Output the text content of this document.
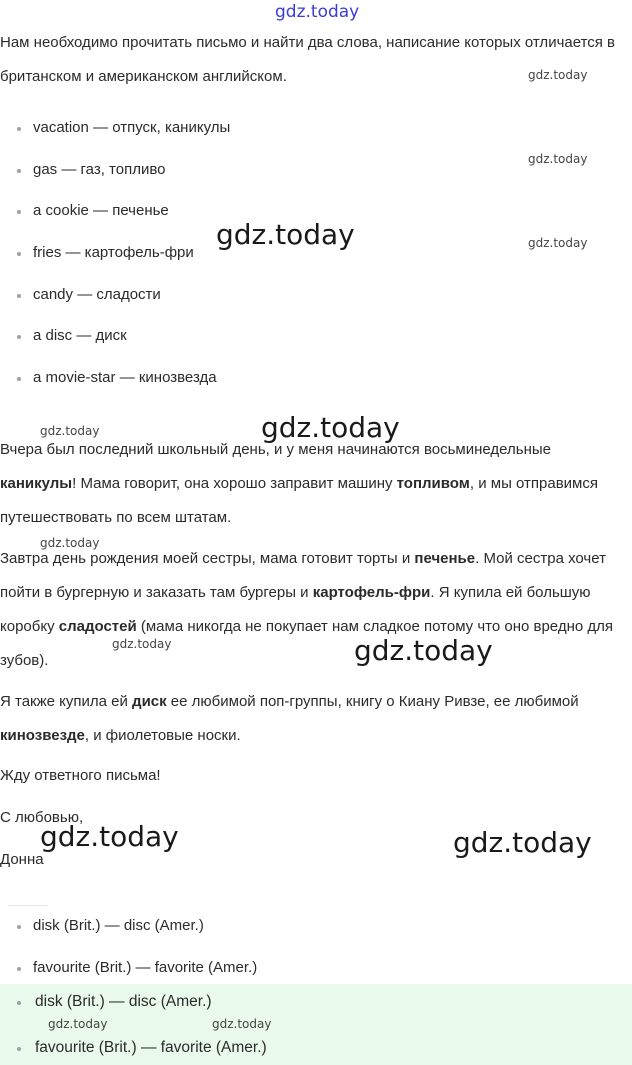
gdz.today

Нам необходимо прочитать письмо и найти два слова, написание которых отличается в британском и американском английском.

vacation — отпуск, каникулы
gas — газ, топливо
a cookie — печенье
fries — картофель-фри
candy — сладости
a disc — диск
a movie-star — кинозвезда

Вчера был последний школьный день, и у меня начинаются восьминедельные каникулы! Мама говорит, она хорошо заправит машину топливом, и мы отправимся путешествовать по всем штатам.

Завтра день рождения моей сестры, мама готовит торты и печенье. Мой сестра хочет пойти в бургерную и заказать там бургеры и картофель-фри. Я купила ей большую коробку сладостей (мама никогда не покупает нам сладкое потому что оно вредно для зубов).

Я также купила ей диск ее любимой поп-группы, книгу о Киану Ривзе, ее любимой кинозвезде, и фиолетовые носки.

Жду ответного письма!

С любовью,

Донна

disk (Brit.) — disc (Amer.)
favourite (Brit.) — favorite (Amer.)
disk (Brit.) — disc (Amer.)
favourite (Brit.) — favorite (Amer.)
gdz.today
gdz.today
gdz.today
gdz.today
gdz.today	gdz.today
gdz.today
gdz.today	gdz.today
gdz.today	gdz.today
gdz.today	gdz.today
